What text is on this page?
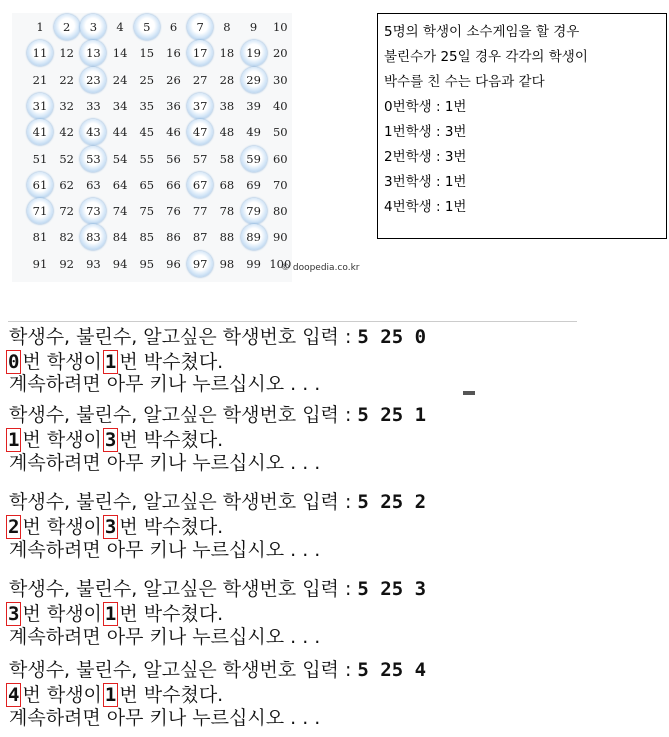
1	2	3	4	5	6	7	8	9	10
11	12	13	14	15	16	17	18	19	20
21	22	23	24	25	26	27	28	29	30
31	32	33	34	35	36	37	38	39	40
41	42	43	44	45	46	47	48	49	50
51	52	53	54	55	56	57	58	59	60
61	62	63	64	65	66	67	68	69	70
71	72	73	74	75	76	77	78	79	80
81	82	83	84	85	86	87	88	89	90
91	92	93	94	95	96	97	98	99 100
© doopedia.co.kr
5명의 학생이 소수게임을 할 경우
불린수가 25일 경우 각각의 학생이
박수를 친 수는 다음과 같다
0번학생 : 1번
1번학생 : 3번
2번학생 : 3번
3번학생 : 1번
4번학생 : 1번
학생수, 불린수, 알고싶은 학생번호 입력 : 5 25 0
0 번 학생이 1 번 박수쳤다.
계속하려면 아무 키나 누르십시오 . . .
학생수, 불린수, 알고싶은 학생번호 입력 : 5 25 1
1 번 학생이 3 번 박수쳤다.
계속하려면 아무 키나 누르십시오 . . .
학생수, 불린수, 알고싶은 학생번호 입력 : 5 25 2
2 번 학생이 3 번 박수쳤다.
계속하려면 아무 키나 누르십시오 . . .
학생수, 불린수, 알고싶은 학생번호 입력 : 5 25 3
3 번 학생이 1 번 박수쳤다.
계속하려면 아무 키나 누르십시오 . . .
학생수, 불린수, 알고싶은 학생번호 입력 : 5 25 4
4 번 학생이 1 번 박수쳤다.
계속하려면 아무 키나 누르십시오 . . .
